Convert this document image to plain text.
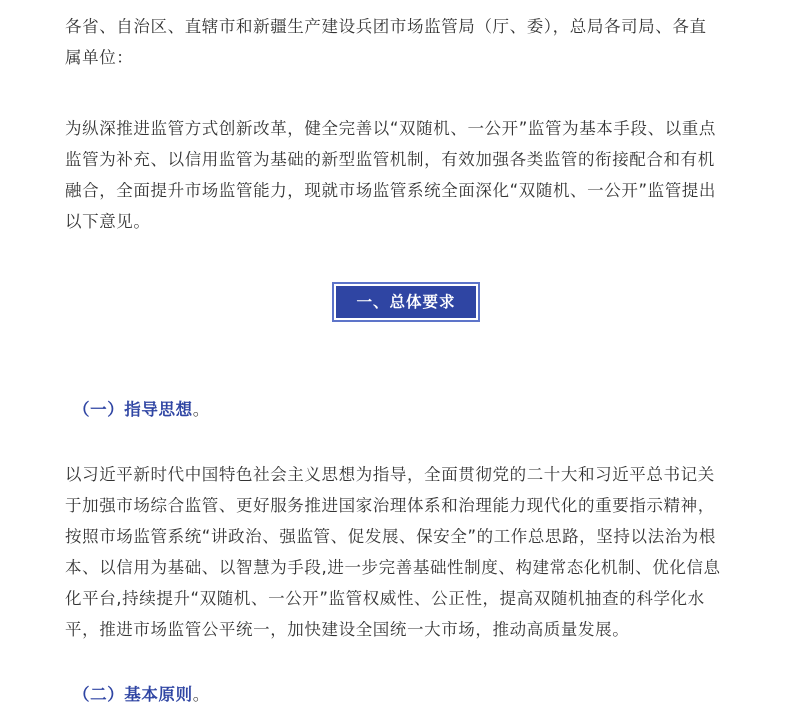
各省、自治区、直辖市和新疆生产建设兵团市场监管局（厅、委），总局各司局、各直
属单位：
为纵深推进监管方式创新改革，健全完善以“双随机、一公开”监管为基本手段、以重点
监管为补充、以信用监管为基础的新型监管机制，有效加强各类监管的衔接配合和有机
融合，全面提升市场监管能力，现就市场监管系统全面深化“双随机、一公开”监管提出
以下意见。
一、总体要求

（一）指导思想。

以习近平新时代中国特色社会主义思想为指导，全面贯彻党的二十大和习近平总书记关
于加强市场综合监管、更好服务推进国家治理体系和治理能力现代化的重要指示精神，
按照市场监管系统“讲政治、强监管、促发展、保安全”的工作总思路，坚持以法治为根
本、以信用为基础、以智慧为手段,进一步完善基础性制度、构建常态化机制、优化信息
化平台,持续提升“双随机、一公开”监管权威性、公正性，提高双随机抽查的科学化水
平，推进市场监管公平统一，加快建设全国统一大市场，推动高质量发展。

（二）基本原则。
